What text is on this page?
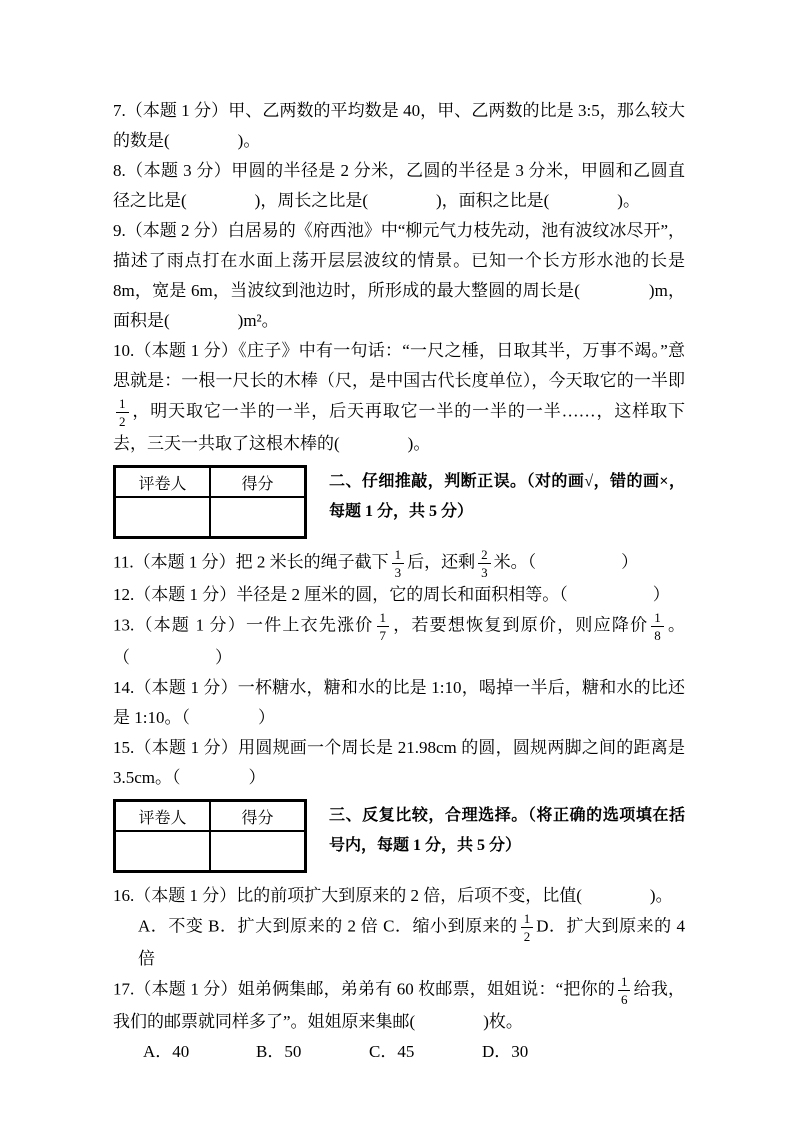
7.（本题 1 分）甲、乙两数的平均数是 40，甲、乙两数的比是 3:5，那么较大的数是(　　　　)。
8.（本题 3 分）甲圆的半径是 2 分米，乙圆的半径是 3 分米，甲圆和乙圆直径之比是(　　　　)，周长之比是(　　　　)，面积之比是(　　　　)。
9.（本题 2 分）白居易的《府西池》中“柳元气力枝先动，池有波纹冰尽开”，描述了雨点打在水面上荡开层层波纹的情景。已知一个长方形水池的长是 8m，宽是 6m，当波纹到池边时，所形成的最大整圆的周长是(　　　　)m，面积是(　　　　)m²。
10.（本题 1 分）《庄子》中有一句话：“一尺之棰，日取其半，万事不竭。”意思就是：一根一尺长的木棒（尺，是中国古代长度单位），今天取它的一半即
$\frac{1}{2}$ ，明天取它一半的一半，后天再取它一半的一半的一半……，这样取下去，三天一共取了这根木棒的(　　　　)。
评卷人	得分
		二、仔细推敲，判断正误。（对的画√，错的画×，每题 1 分，共 5 分）
11.（本题 1 分）把 2 米长的绳子截下 $\frac{1}{3}$ 后，还剩 $\frac{2}{3}$ 米。（　　　　　）
12.（本题 1 分）半径是 2 厘米的圆，它的周长和面积相等。（　　　　　）
13.（本题 1 分）一件上衣先涨价 $\frac{1}{7}$ ，若要想恢复到原价，则应降价 $\frac{1}{8}$ 。（　　　　　）
14.（本题 1 分）一杯糖水，糖和水的比是 1:10，喝掉一半后，糖和水的比还是 1:10。（　　　　）
15.（本题 1 分）用圆规画一个周长是 21.98cm 的圆，圆规两脚之间的距离是 3.5cm。（　　　　）
评卷人	得分
		三、反复比较，合理选择。（将正确的选项填在括号内，每题 1 分，共 5 分）
16.（本题 1 分）比的前项扩大到原来的 2 倍，后项不变，比值(　　　　)。
A．不变 B．扩大到原来的 2 倍 C．缩小到原来的 $\frac{1}{2}$ D．扩大到原来的 4 倍
17.（本题 1 分）姐弟俩集邮，弟弟有 60 枚邮票，姐姐说：“把你的 $\frac{1}{6}$ 给我，我们的邮票就同样多了”。姐姐原来集邮(　　　　)枚。
A．40	B．50	C．45	D．30
